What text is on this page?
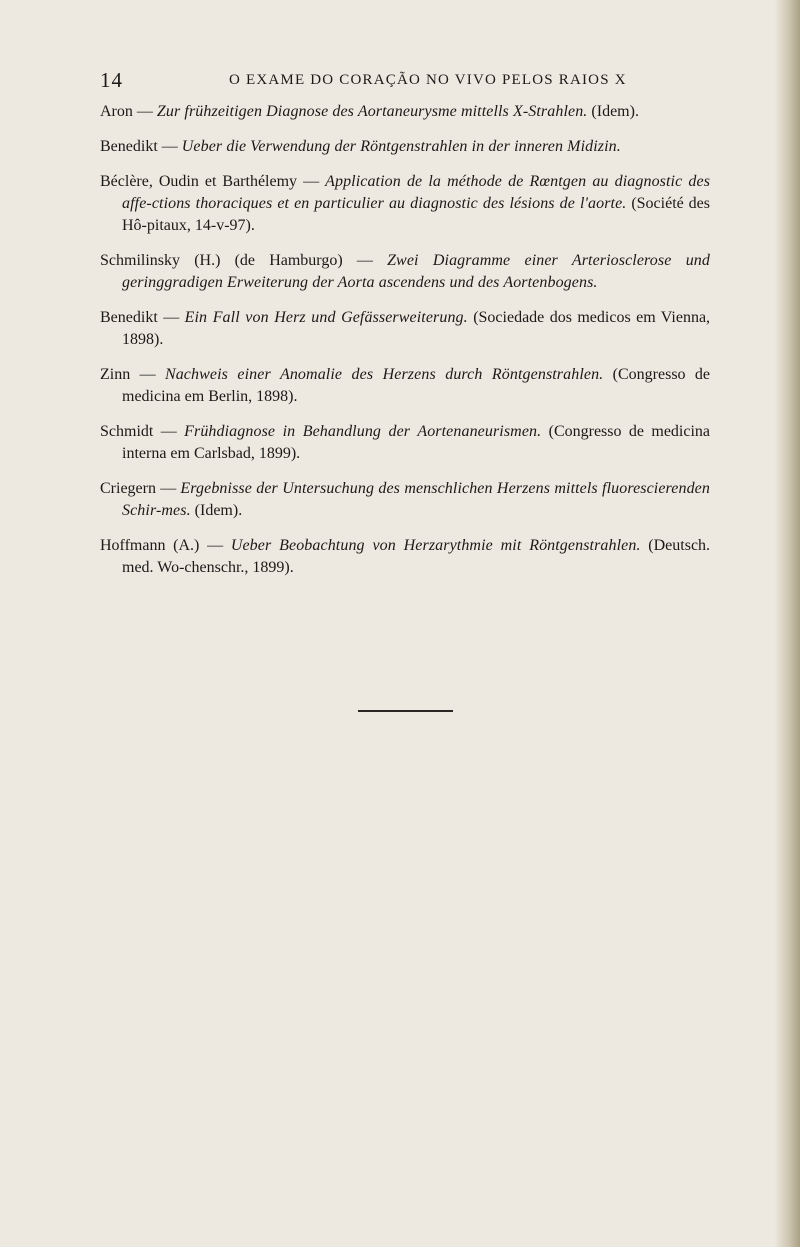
14	O EXAME DO CORAÇÃO NO VIVO PELOS RAIOS X

Aron — Zur frühzeitigen Diagnose des Aortaneurysme mittells X-Strahlen. (Idem).

Benedikt — Ueber die Verwendung der Röntgenstrahlen in der inneren Midizin.

Béclère, Oudin et Barthélemy — Application de la méthode de Rœntgen au diagnostic des affe-ctions thoraciques et en particulier au diagnostic des lésions de l'aorte. (Société des Hô-pitaux, 14-v-97).

Schmilinsky (H.) (de Hamburgo) — Zwei Diagramme einer Arteriosclerose und geringgradigen Erweiterung der Aorta ascendens und des Aortenbogens.

Benedikt — Ein Fall von Herz und Gefässerweiterung. (Sociedade dos medicos em Vienna, 1898).

Zinn — Nachweis einer Anomalie des Herzens durch Röntgenstrahlen. (Congresso de medicina em Berlin, 1898).

Schmidt — Frühdiagnose in Behandlung der Aortenaneurismen. (Congresso de medicina interna em Carlsbad, 1899).

Criegern — Ergebnisse der Untersuchung des menschlichen Herzens mittels fluorescierenden Schir-mes. (Idem).

Hoffmann (A.) — Ueber Beobachtung von Herzarythmie mit Röntgenstrahlen. (Deutsch. med. Wo-chenschr., 1899).
